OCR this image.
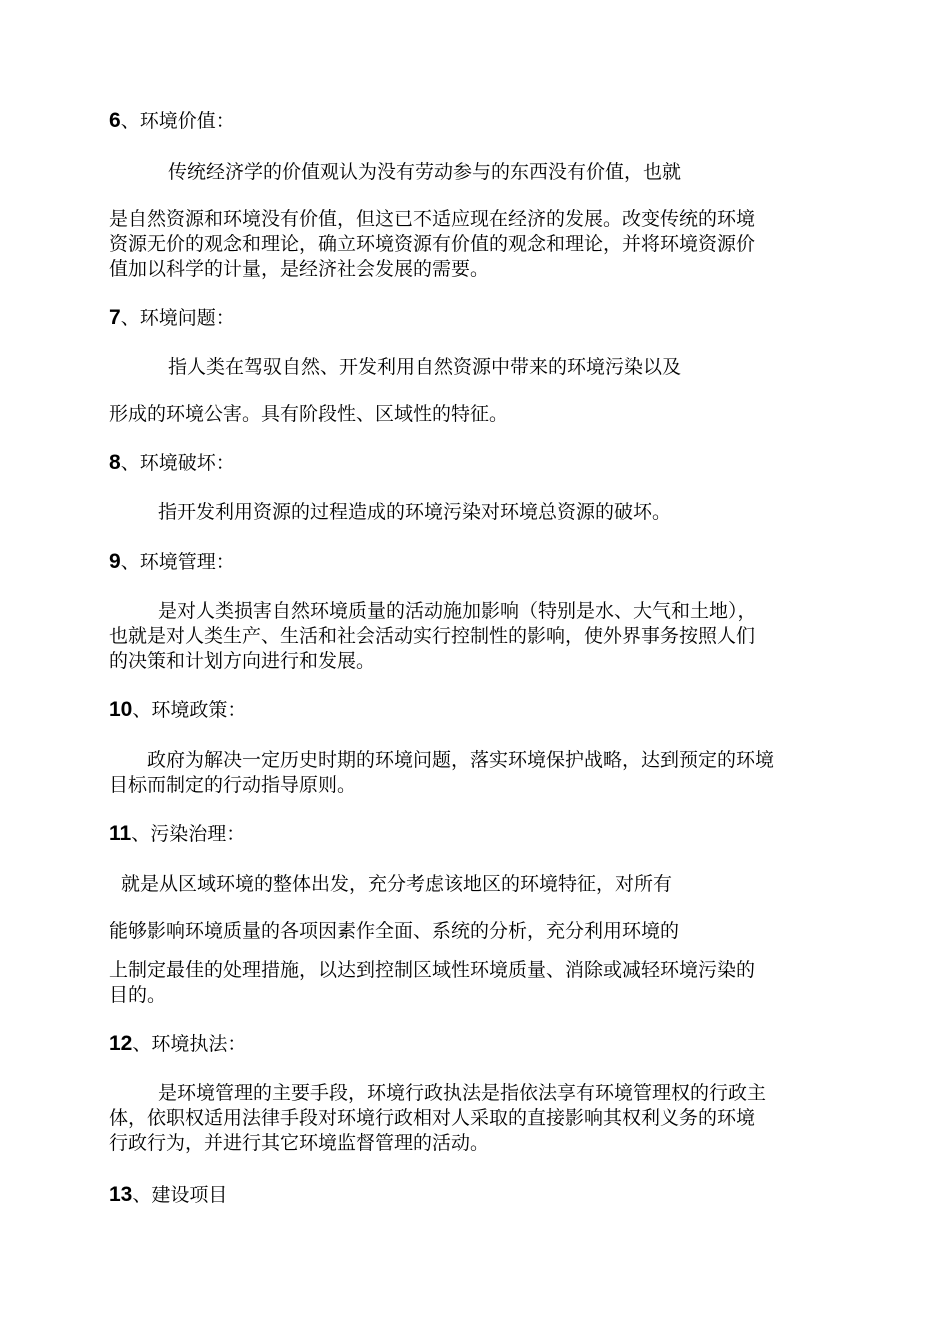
6、环境价值：
传统经济学的价值观认为没有劳动参与的东西没有价值，也就
是自然资源和环境没有价值，但这已不适应现在经济的发展。改变传统的环境
资源无价的观念和理论，确立环境资源有价值的观念和理论，并将环境资源价
值加以科学的计量，是经济社会发展的需要。
7、环境问题：
指人类在驾驭自然、开发利用自然资源中带来的环境污染以及
形成的环境公害。具有阶段性、区域性的特征。
8、环境破坏：
指开发利用资源的过程造成的环境污染对环境总资源的破坏。
9、环境管理：
是对人类损害自然环境质量的活动施加影响（特别是水、大气和土地），
也就是对人类生产、生活和社会活动实行控制性的影响，使外界事务按照人们
的决策和计划方向进行和发展。
10、环境政策：
政府为解决一定历史时期的环境问题，落实环境保护战略，达到预定的环境
目标而制定的行动指导原则。
11、污染治理：
就是从区域环境的整体出发，充分考虑该地区的环境特征，对所有
能够影响环境质量的各项因素作全面、系统的分析，充分利用环境的
上制定最佳的处理措施，以达到控制区域性环境质量、消除或减轻环境污染的
目的。
12、环境执法：
是环境管理的主要手段，环境行政执法是指依法享有环境管理权的行政主
体，依职权适用法律手段对环境行政相对人采取的直接影响其权利义务的环境
行政行为，并进行其它环境监督管理的活动。
13、建设项目
